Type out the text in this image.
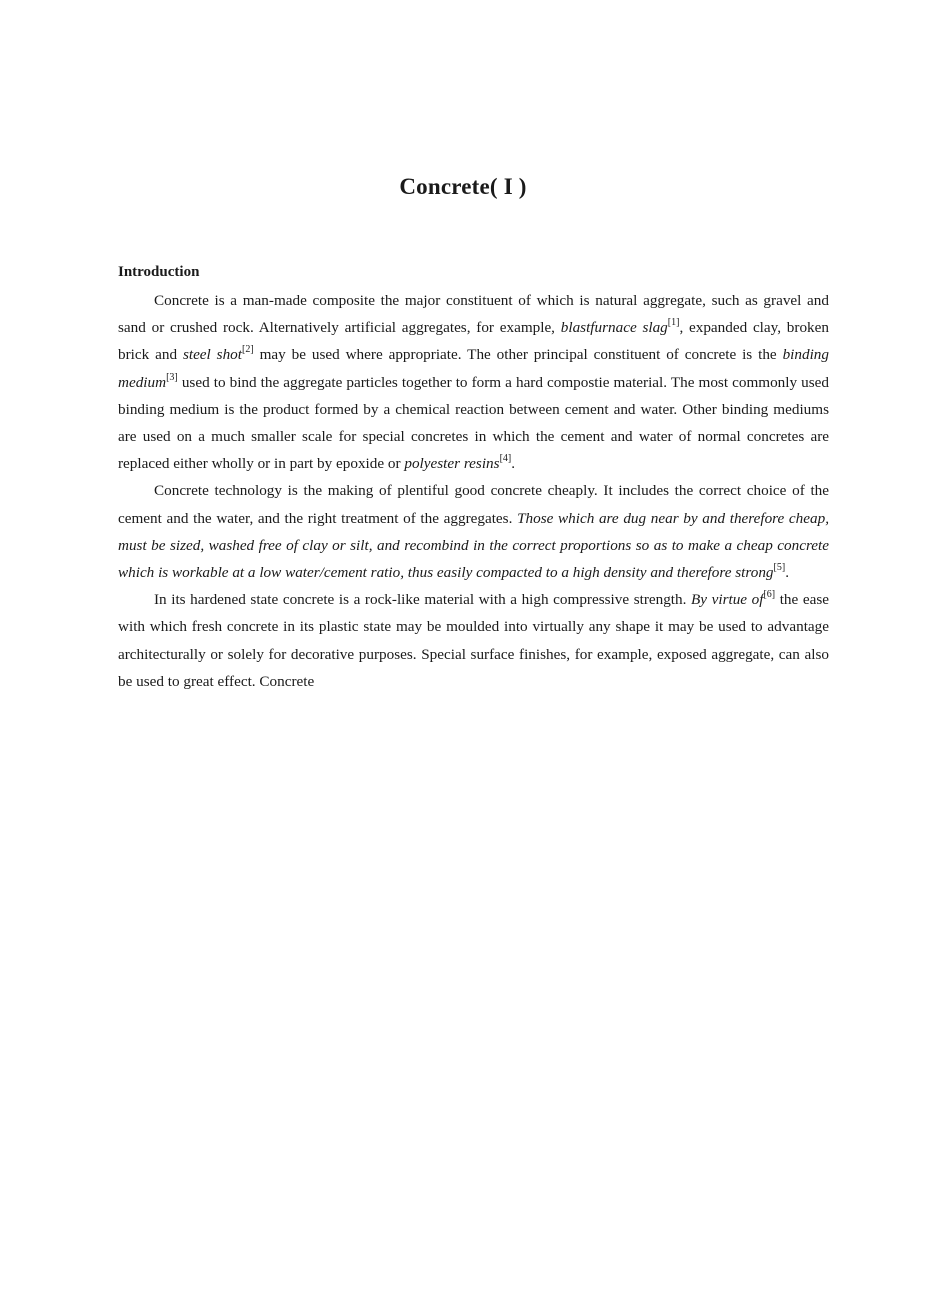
Concrete( I )
Introduction

Concrete is a man-made composite the major constituent of which is natural aggregate, such as gravel and sand or crushed rock. Alternatively artificial aggregates, for example, blastfurnace slag[1], expanded clay, broken brick and steel shot[2] may be used where appropriate. The other principal constituent of concrete is the binding medium[3] used to bind the aggregate particles together to form a hard compostie material. The most commonly used binding medium is the product formed by a chemical reaction between cement and water. Other binding mediums are used on a much smaller scale for special concretes in which the cement and water of normal concretes are replaced either wholly or in part by epoxide or polyester resins[4].

Concrete technology is the making of plentiful good concrete cheaply. It includes the correct choice of the cement and the water, and the right treatment of the aggregates. Those which are dug near by and therefore cheap, must be sized, washed free of clay or silt, and recombind in the correct proportions so as to make a cheap concrete which is workable at a low water/cement ratio, thus easily compacted to a high density and therefore strong[5].

In its hardened state concrete is a rock-like material with a high compressive strength. By virtue of[6] the ease with which fresh concrete in its plastic state may be moulded into virtually any shape it may be used to advantage architecturally or solely for decorative purposes. Special surface finishes, for example, exposed aggregate, can also be used to great effect. Concrete
